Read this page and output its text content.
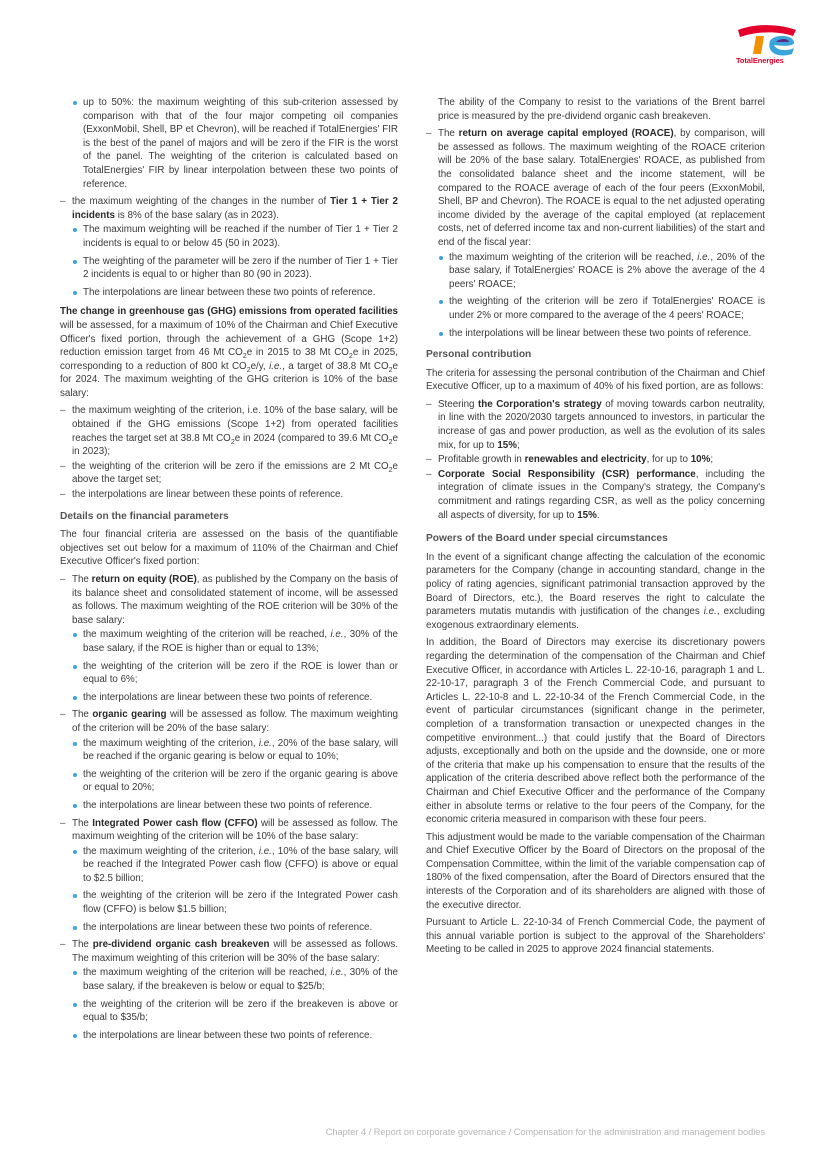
TotalEnergies
up to 50%: the maximum weighting of this sub-criterion assessed by comparison with that of the four major competing oil companies (ExxonMobil, Shell, BP et Chevron), will be reached if TotalEnergies' FIR is the best of the panel of majors and will be zero if the FIR is the worst of the panel. The weighting of the criterion is calculated based on TotalEnergies' FIR by linear interpolation between these two points of reference.
– the maximum weighting of the changes in the number of Tier 1 + Tier 2 incidents is 8% of the base salary (as in 2023).
The maximum weighting will be reached if the number of Tier 1 + Tier 2 incidents is equal to or below 45 (50 in 2023).
The weighting of the parameter will be zero if the number of Tier 1 + Tier 2 incidents is equal to or higher than 80 (90 in 2023).
The interpolations are linear between these two points of reference.
The change in greenhouse gas (GHG) emissions from operated facilities will be assessed, for a maximum of 10% of the Chairman and Chief Executive Officer's fixed portion, through the achievement of a GHG (Scope 1+2) reduction emission target from 46 Mt $CO_2e$ in 2015 to 38 Mt $CO_2e$ in 2025, corresponding to a reduction of 800 kt $CO_2e/y$, i.e., a target of 38.8 Mt $CO_2e$ for 2024. The maximum weighting of the GHG criterion is 10% of the base salary:
– the maximum weighting of the criterion, i.e. 10% of the base salary, will be obtained if the GHG emissions (Scope 1+2) from operated facilities reaches the target set at 38.8 Mt $CO_2e$ in 2024 (compared to 39.6 Mt $CO_2e$ in 2023);
– the weighting of the criterion will be zero if the emissions are 2 Mt $CO_2e$ above the target set;
– the interpolations are linear between these points of reference.
Details on the financial parameters
The four financial criteria are assessed on the basis of the quantifiable objectives set out below for a maximum of 110% of the Chairman and Chief Executive Officer's fixed portion:
– The return on equity (ROE), as published by the Company on the basis of its balance sheet and consolidated statement of income, will be assessed as follows. The maximum weighting of the ROE criterion will be 30% of the base salary:
the maximum weighting of the criterion will be reached, i.e., 30% of the base salary, if the ROE is higher than or equal to 13%;
the weighting of the criterion will be zero if the ROE is lower than or equal to 6%;
the interpolations are linear between these two points of reference.
– The organic gearing will be assessed as follow. The maximum weighting of the criterion will be 20% of the base salary:
the maximum weighting of the criterion, i.e., 20% of the base salary, will be reached if the organic gearing is below or equal to 10%;
the weighting of the criterion will be zero if the organic gearing is above or equal to 20%;
the interpolations are linear between these two points of reference.
– The Integrated Power cash flow (CFFO) will be assessed as follow. The maximum weighting of the criterion will be 10% of the base salary:
the maximum weighting of the criterion, i.e., 10% of the base salary, will be reached if the Integrated Power cash flow (CFFO) is above or equal to $2.5 billion;
the weighting of the criterion will be zero if the Integrated Power cash flow (CFFO) is below $1.5 billion;
the interpolations are linear between these two points of reference.
– The pre-dividend organic cash breakeven will be assessed as follows. The maximum weighting of this criterion will be 30% of the base salary:
the maximum weighting of the criterion will be reached, i.e., 30% of the base salary, if the breakeven is below or equal to $25/b;
the weighting of the criterion will be zero if the breakeven is above or equal to $35/b;
the interpolations are linear between these two points of reference.
The ability of the Company to resist to the variations of the Brent barrel price is measured by the pre-dividend organic cash breakeven.
– The return on average capital employed (ROACE), by comparison, will be assessed as follows. The maximum weighting of the ROACE criterion will be 20% of the base salary. TotalEnergies' ROACE, as published from the consolidated balance sheet and the income statement, will be compared to the ROACE average of each of the four peers (ExxonMobil, Shell, BP and Chevron). The ROACE is equal to the net adjusted operating income divided by the average of the capital employed (at replacement costs, net of deferred income tax and non-current liabilities) of the start and end of the fiscal year:
the maximum weighting of the criterion will be reached, i.e., 20% of the base salary, if TotalEnergies' ROACE is 2% above the average of the 4 peers' ROACE;
the weighting of the criterion will be zero if TotalEnergies' ROACE is under 2% or more compared to the average of the 4 peers' ROACE;
the interpolations will be linear between these two points of reference.
Personal contribution
The criteria for assessing the personal contribution of the Chairman and Chief Executive Officer, up to a maximum of 40% of his fixed portion, are as follows:
– Steering the Corporation's strategy of moving towards carbon neutrality, in line with the 2020/2030 targets announced to investors, in particular the increase of gas and power production, as well as the evolution of its sales mix, for up to 15%;
– Profitable growth in renewables and electricity, for up to 10%;
– Corporate Social Responsibility (CSR) performance, including the integration of climate issues in the Company's strategy, the Company's commitment and ratings regarding CSR, as well as the policy concerning all aspects of diversity, for up to 15%.
Powers of the Board under special circumstances
In the event of a significant change affecting the calculation of the economic parameters for the Company (change in accounting standard, change in the policy of rating agencies, significant patrimonial transaction approved by the Board of Directors, etc.), the Board reserves the right to calculate the parameters mutatis mutandis with justification of the changes i.e., excluding exogenous extraordinary elements.
In addition, the Board of Directors may exercise its discretionary powers regarding the determination of the compensation of the Chairman and Chief Executive Officer, in accordance with Articles L. 22-10-16, paragraph 1 and L. 22-10-17, paragraph 3 of the French Commercial Code, and pursuant to Articles L. 22-10-8 and L. 22-10-34 of the French Commercial Code, in the event of particular circumstances (significant change in the perimeter, completion of a transformation transaction or unexpected changes in the competitive environment...) that could justify that the Board of Directors adjusts, exceptionally and both on the upside and the downside, one or more of the criteria that make up his compensation to ensure that the results of the application of the criteria described above reflect both the performance of the Chairman and Chief Executive Officer and the performance of the Company either in absolute terms or relative to the four peers of the Company, for the economic criteria measured in comparison with these four peers.
This adjustment would be made to the variable compensation of the Chairman and Chief Executive Officer by the Board of Directors on the proposal of the Compensation Committee, within the limit of the variable compensation cap of 180% of the fixed compensation, after the Board of Directors ensured that the interests of the Corporation and of its shareholders are aligned with those of the executive director.
Pursuant to Article L. 22-10-34 of French Commercial Code, the payment of this annual variable portion is subject to the approval of the Shareholders' Meeting to be called in 2025 to approve 2024 financial statements.
Chapter 4 / Report on corporate governance / Compensation for the administration and management bodies
